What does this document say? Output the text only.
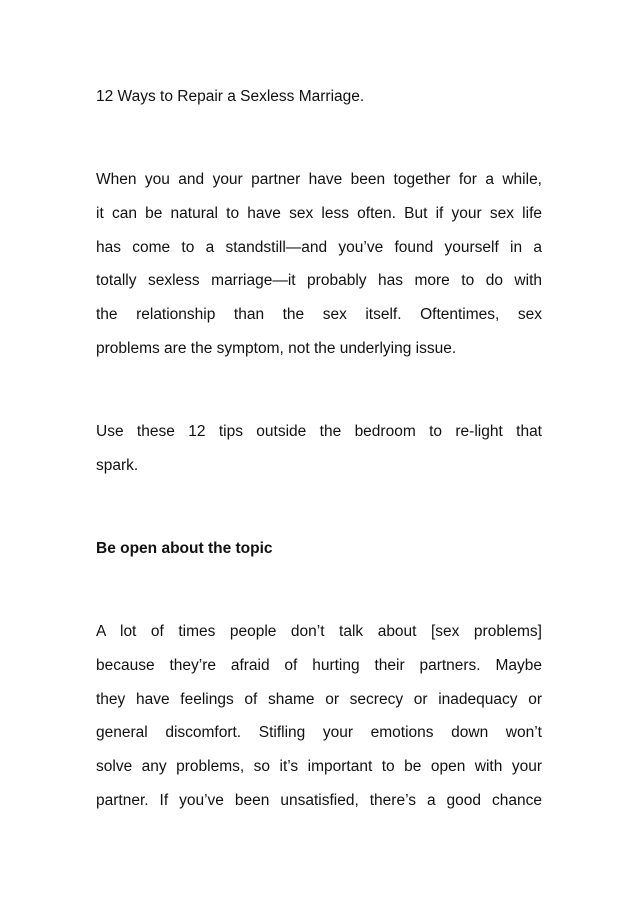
12 Ways to Repair a Sexless Marriage.
When you and your partner have been together for a while,
it can be natural to have sex less often. But if your sex life
has come to a standstill—and you’ve found yourself in a
totally sexless marriage—it probably has more to do with
the relationship than the sex itself. Oftentimes, sex
problems are the symptom, not the underlying issue.
Use these 12 tips outside the bedroom to re-light that
spark.
Be open about the topic
A lot of times people don’t talk about [sex problems]
because they’re afraid of hurting their partners. Maybe
they have feelings of shame or secrecy or inadequacy or
general discomfort. Stifling your emotions down won’t
solve any problems, so it’s important to be open with your
partner. If you’ve been unsatisfied, there’s a good chance
